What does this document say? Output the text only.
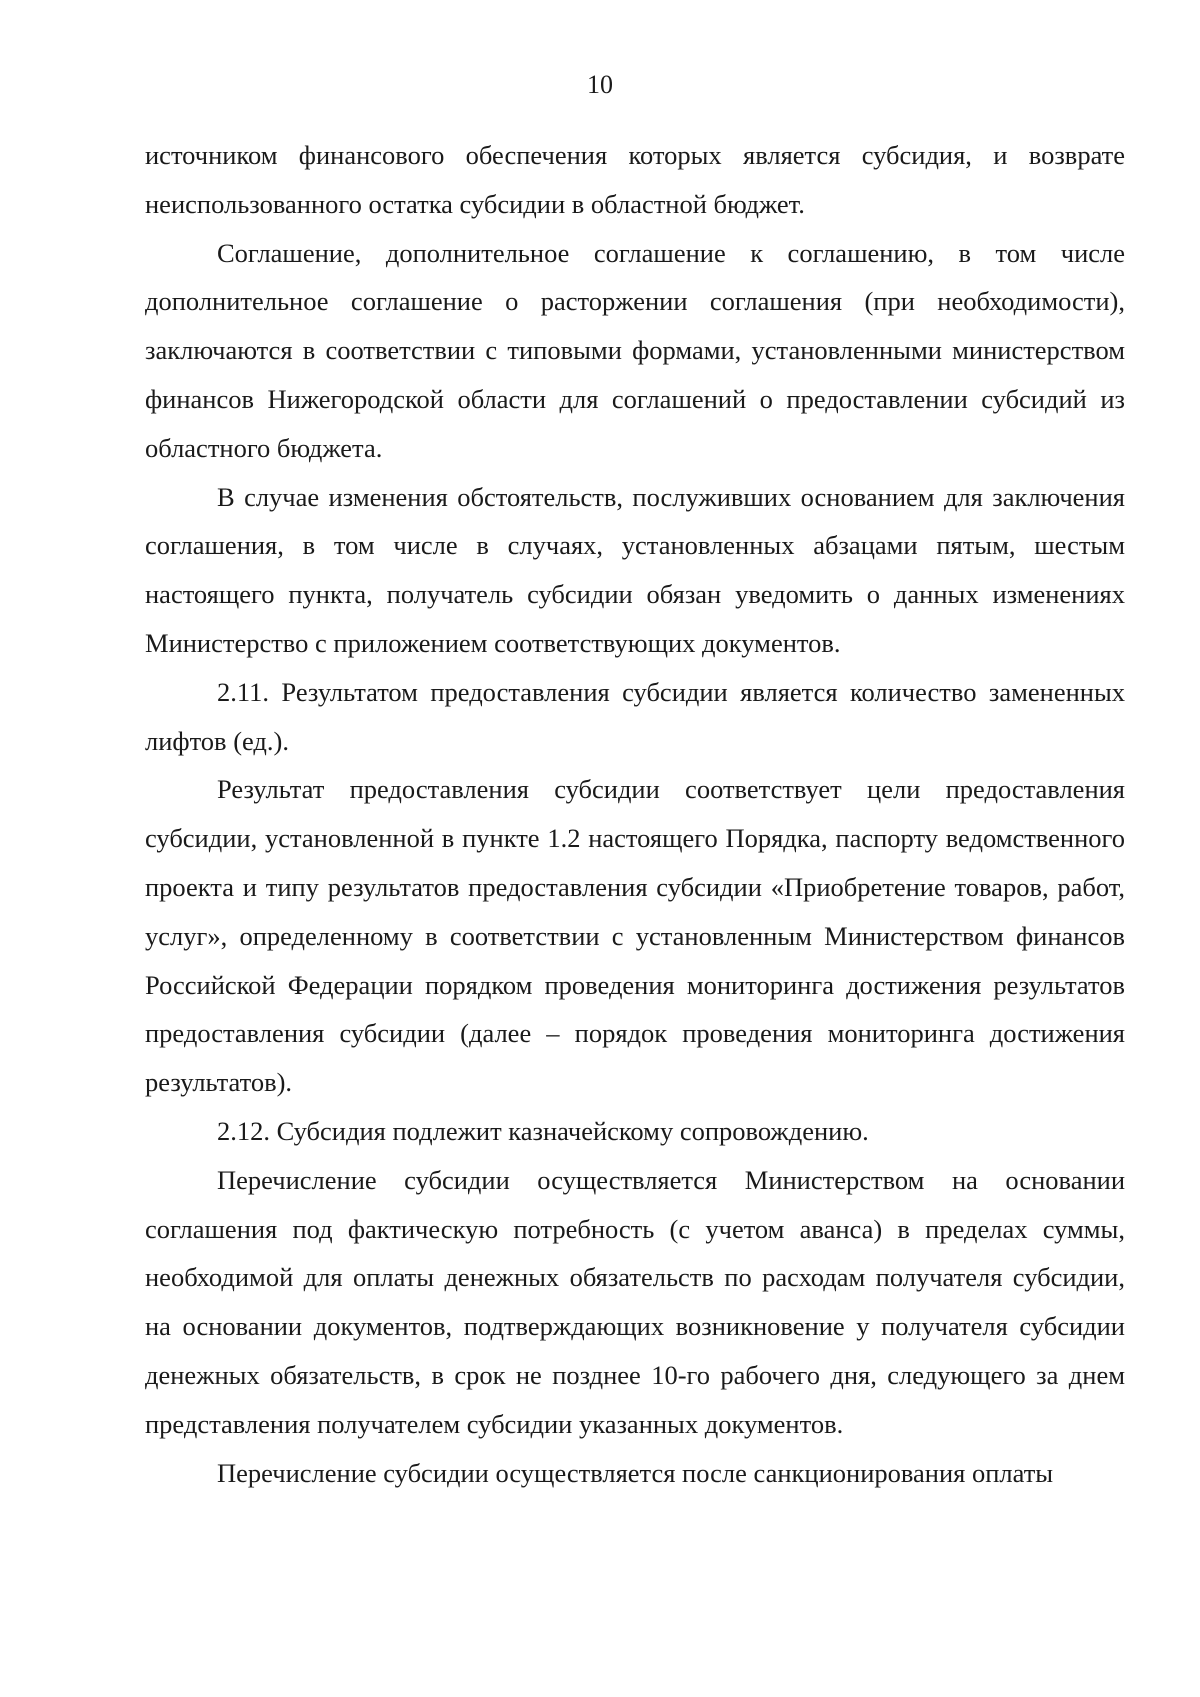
10

источником финансового обеспечения которых является субсидия, и возврате неиспользованного остатка субсидии в областной бюджет.

Соглашение, дополнительное соглашение к соглашению, в том числе дополнительное соглашение о расторжении соглашения (при необходимости), заключаются в соответствии с типовыми формами, установленными министерством финансов Нижегородской области для соглашений о предоставлении субсидий из областного бюджета.

В случае изменения обстоятельств, послуживших основанием для заключения соглашения, в том числе в случаях, установленных абзацами пятым, шестым настоящего пункта, получатель субсидии обязан уведомить о данных изменениях Министерство с приложением соответствующих документов.

2.11. Результатом предоставления субсидии является количество замененных лифтов (ед.).

Результат предоставления субсидии соответствует цели предоставления субсидии, установленной в пункте 1.2 настоящего Порядка, паспорту ведомственного проекта и типу результатов предоставления субсидии «Приобретение товаров, работ, услуг», определенному в соответствии с установленным Министерством финансов Российской Федерации порядком проведения мониторинга достижения результатов предоставления субсидии (далее – порядок проведения мониторинга достижения результатов).

2.12. Субсидия подлежит казначейскому сопровождению.

Перечисление субсидии осуществляется Министерством на основании соглашения под фактическую потребность (с учетом аванса) в пределах суммы, необходимой для оплаты денежных обязательств по расходам получателя субсидии, на основании документов, подтверждающих возникновение у получателя субсидии денежных обязательств, в срок не позднее 10-го рабочего дня, следующего за днем представления получателем субсидии указанных документов.

Перечисление субсидии осуществляется после санкционирования оплаты
